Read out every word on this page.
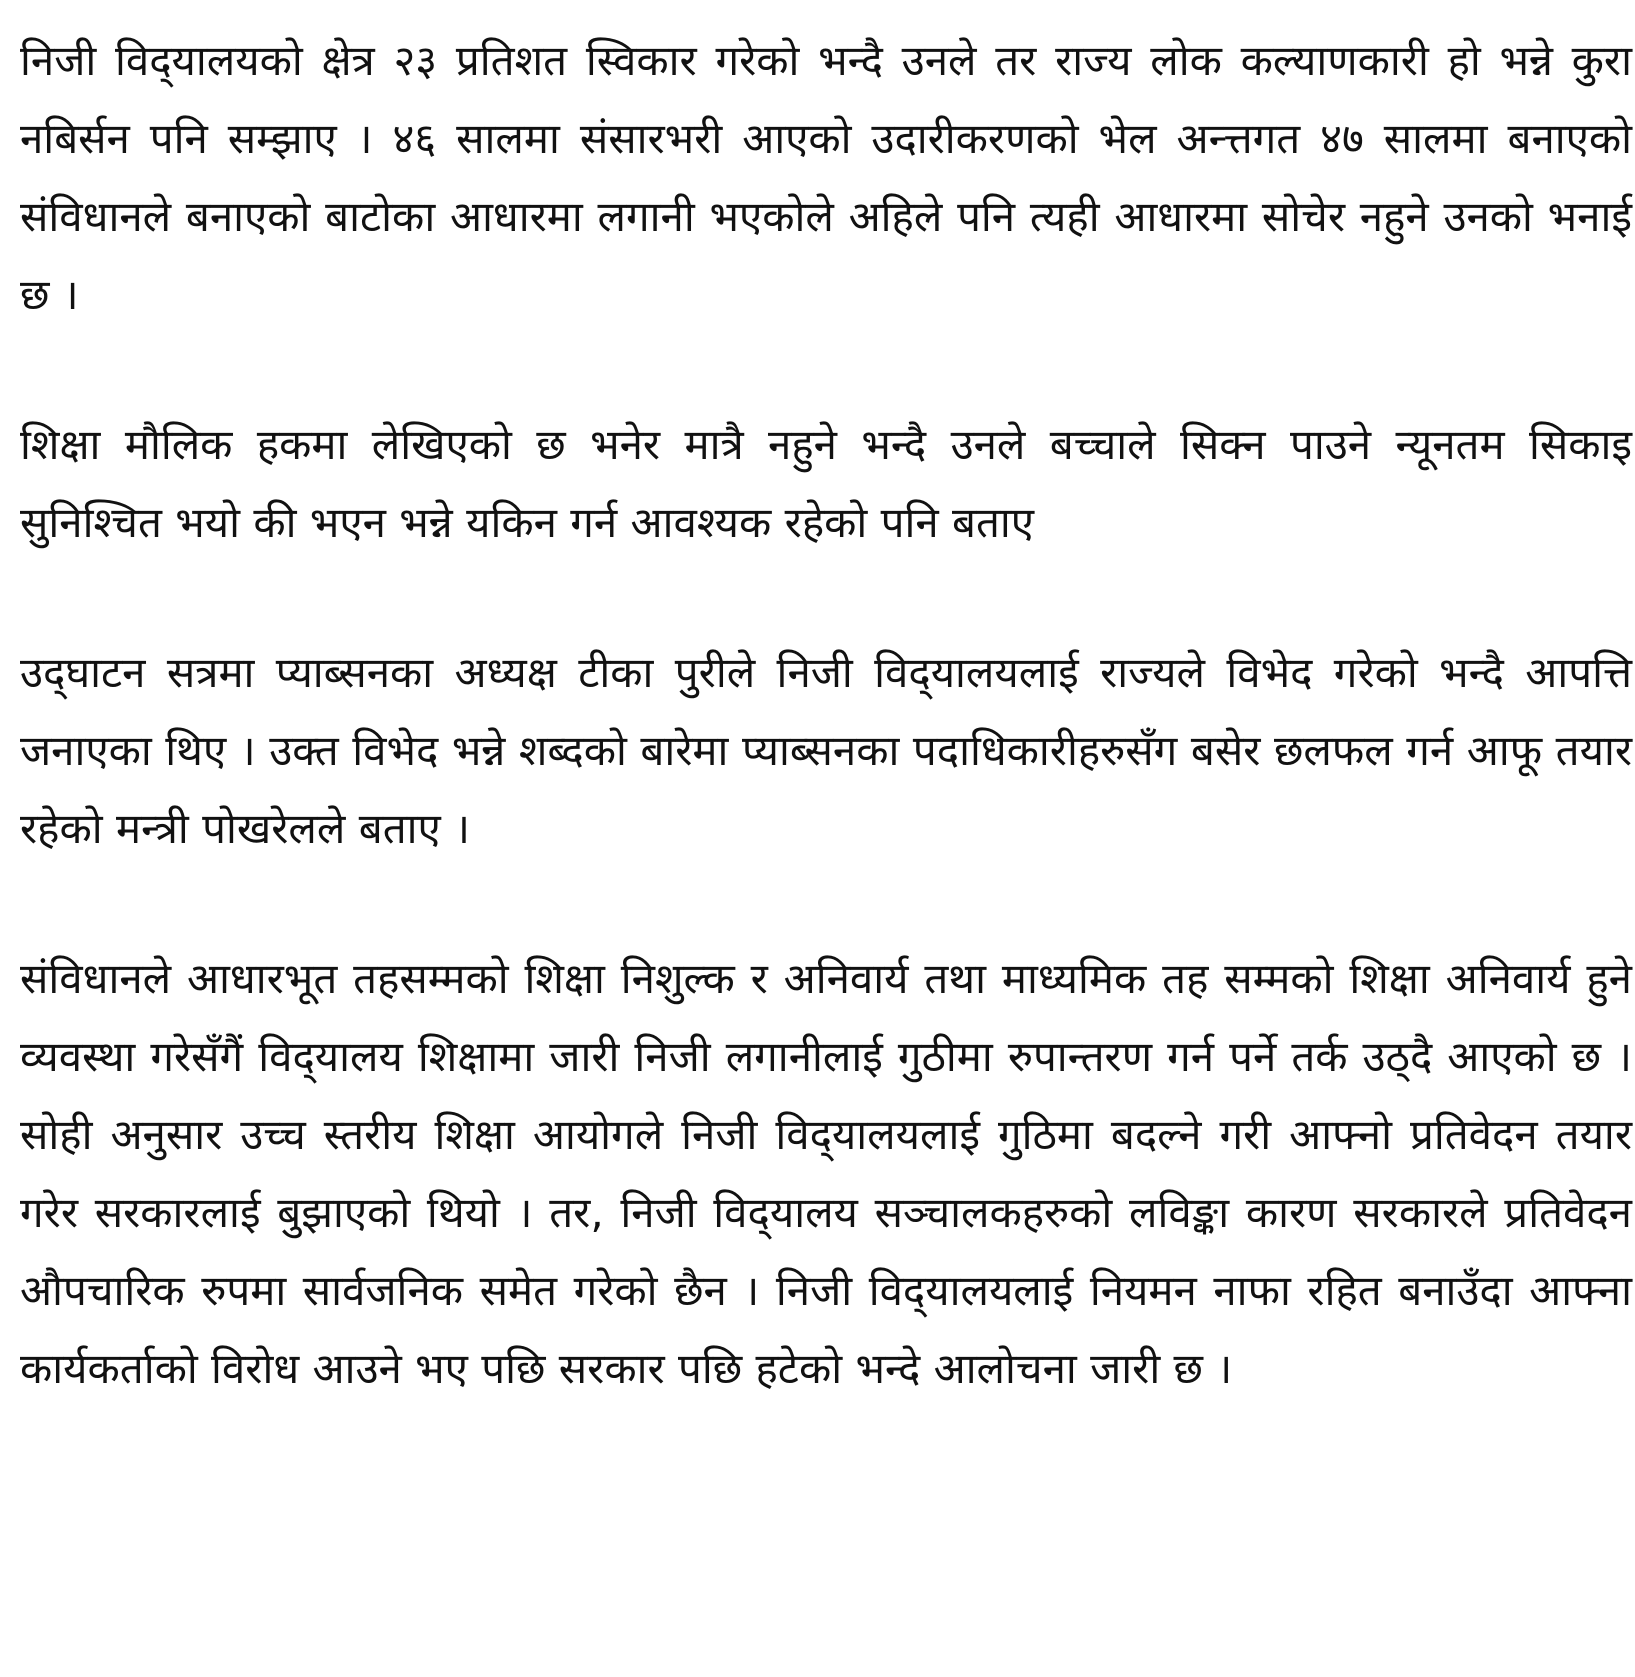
निजी विद्‌यालयको क्षेत्र २३ प्रतिशत स्विकार गरेको भन्दै उनले तर राज्य लोक कल्याणकारी हो भन्ने कुरा नबिर्सन पनि सम्झाए । ४६ सालमा संसारभरी आएको उदारीकरणको भेल अन्त्तगत ४७ सालमा बनाएको संविधानले बनाएको बाटोका आधारमा लगानी भएकोले अहिले पनि त्यही आधारमा सोचेर नहुने उनको भनाई छ ।

शिक्षा मौलिक हकमा लेखिएको छ भनेर मात्रै नहुने भन्दै उनले बच्चाले सिक्न पाउने न्यूनतम सिकाइ सुनिश्चित भयो की भएन भन्ने यकिन गर्न आवश्यक रहेको पनि बताए

उद्‌घाटन सत्रमा प्याब्सनका अध्यक्ष टीका पुरीले निजी विद्‌यालयलाई राज्यले विभेद गरेको भन्दै आपत्ति जनाएका थिए । उक्त विभेद भन्ने शब्दको बारेमा प्याब्सनका पदाधिकारीहरुसँग बसेर छलफल गर्न आफू तयार रहेको मन्त्री पोखरेलले बताए ।

संविधानले आधारभूत तहसम्मको शिक्षा निशुल्क र अनिवार्य तथा माध्यमिक तह सम्मको शिक्षा अनिवार्य हुने व्यवस्था गरेसँगैं विद्‌यालय शिक्षामा जारी निजी लगानीलाई गुठीमा रुपान्तरण गर्न पर्ने तर्क उठ्‌दै आएको छ । सोही अनुसार उच्च स्तरीय शिक्षा आयोगले निजी विद्‌यालयलाई गुठिमा बदल्ने गरी आफ्नो प्रतिवेदन तयार गरेर सरकारलाई बुझाएको थियो । तर, निजी विद्‌यालय सञ्चालकहरुको लविङ्का कारण सरकारले प्रतिवेदन औपचारिक रुपमा सार्वजनिक समेत गरेको छैन । निजी विद्‌यालयलाई नियमन नाफा रहित बनाउँदा आफ्ना कार्यकर्ताको विरोध आउने भए पछि सरकार पछि हटेको भन्दे आलोचना जारी छ ।
